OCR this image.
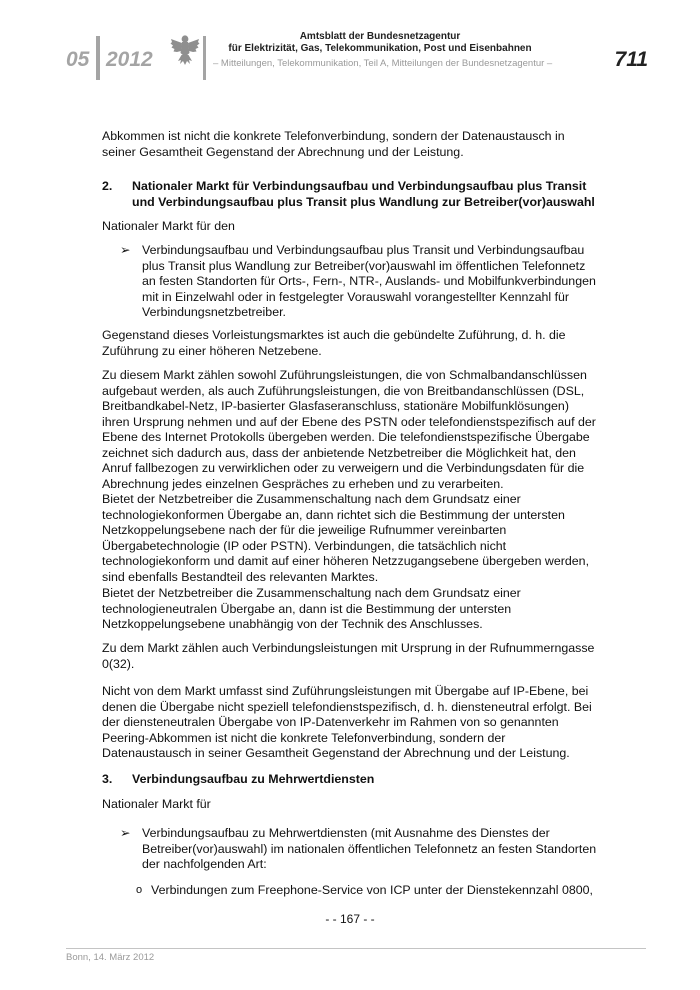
05 2012
Amtsblatt der Bundesnetzagentur
für Elektrizität, Gas, Telekommunikation, Post und Eisenbahnen
– Mitteilungen, Telekommunikation, Teil A, Mitteilungen der Bundesnetzagentur –	711
Abkommen ist nicht die konkrete Telefonverbindung, sondern der Datenaustausch in seiner Gesamtheit Gegenstand der Abrechnung und der Leistung.
2. Nationaler Markt für Verbindungsaufbau und Verbindungsaufbau plus Transit und Verbindungsaufbau plus Transit plus Wandlung zur Betreiber(vor)auswahl
Nationaler Markt für den
➢ Verbindungsaufbau und Verbindungsaufbau plus Transit und Verbindungsaufbau plus Transit plus Wandlung zur Betreiber(vor)auswahl im öffentlichen Telefonnetz an festen Standorten für Orts-, Fern-, NTR-, Auslands- und Mobilfunkverbindungen mit in Einzelwahl oder in festgelegter Vorauswahl vorangestellter Kennzahl für Verbindungsnetzbetreiber.
Gegenstand dieses Vorleistungsmarktes ist auch die gebündelte Zuführung, d. h. die Zuführung zu einer höheren Netzebene.
Zu diesem Markt zählen sowohl Zuführungsleistungen, die von Schmalbandanschlüssen aufgebaut werden, als auch Zuführungsleistungen, die von Breitbandanschlüssen (DSL, Breitbandkabel-Netz, IP-basierter Glasfaseranschluss, stationäre Mobilfunklösungen) ihren Ursprung nehmen und auf der Ebene des PSTN oder telefondienstspezifisch auf der Ebene des Internet Protokolls übergeben werden. Die telefondienstspezifische Übergabe zeichnet sich dadurch aus, dass der anbietende Netzbetreiber die Möglichkeit hat, den Anruf fallbezogen zu verwirklichen oder zu verweigern und die Verbindungsdaten für die Abrechnung jedes einzelnen Gespräches zu erheben und zu verarbeiten.
Bietet der Netzbetreiber die Zusammenschaltung nach dem Grundsatz einer technologiekonformen Übergabe an, dann richtet sich die Bestimmung der untersten Netzkoppelungsebene nach der für die jeweilige Rufnummer vereinbarten Übergabetechnologie (IP oder PSTN). Verbindungen, die tatsächlich nicht technologiekonform und damit auf einer höheren Netzzugangsebene übergeben werden, sind ebenfalls Bestandteil des relevanten Marktes.
Bietet der Netzbetreiber die Zusammenschaltung nach dem Grundsatz einer technologieneutralen Übergabe an, dann ist die Bestimmung der untersten Netzkoppelungsebene unabhängig von der Technik des Anschlusses.
Zu dem Markt zählen auch Verbindungsleistungen mit Ursprung in der Rufnummerngasse 0(32).
Nicht von dem Markt umfasst sind Zuführungsleistungen mit Übergabe auf IP-Ebene, bei denen die Übergabe nicht speziell telefondienstspezifisch, d. h. diensteneutral erfolgt. Bei der diensteneutralen Übergabe von IP-Datenverkehr im Rahmen von so genannten Peering-Abkommen ist nicht die konkrete Telefonverbindung, sondern der Datenaustausch in seiner Gesamtheit Gegenstand der Abrechnung und der Leistung.
3. Verbindungsaufbau zu Mehrwertdiensten
Nationaler Markt für
➢ Verbindungsaufbau zu Mehrwertdiensten (mit Ausnahme des Dienstes der Betreiber(vor)auswahl) im nationalen öffentlichen Telefonnetz an festen Standorten der nachfolgenden Art:
o Verbindungen zum Freephone-Service von ICP unter der Dienstekennzahl 0800,
- - 167 - -
Bonn, 14. März 2012
